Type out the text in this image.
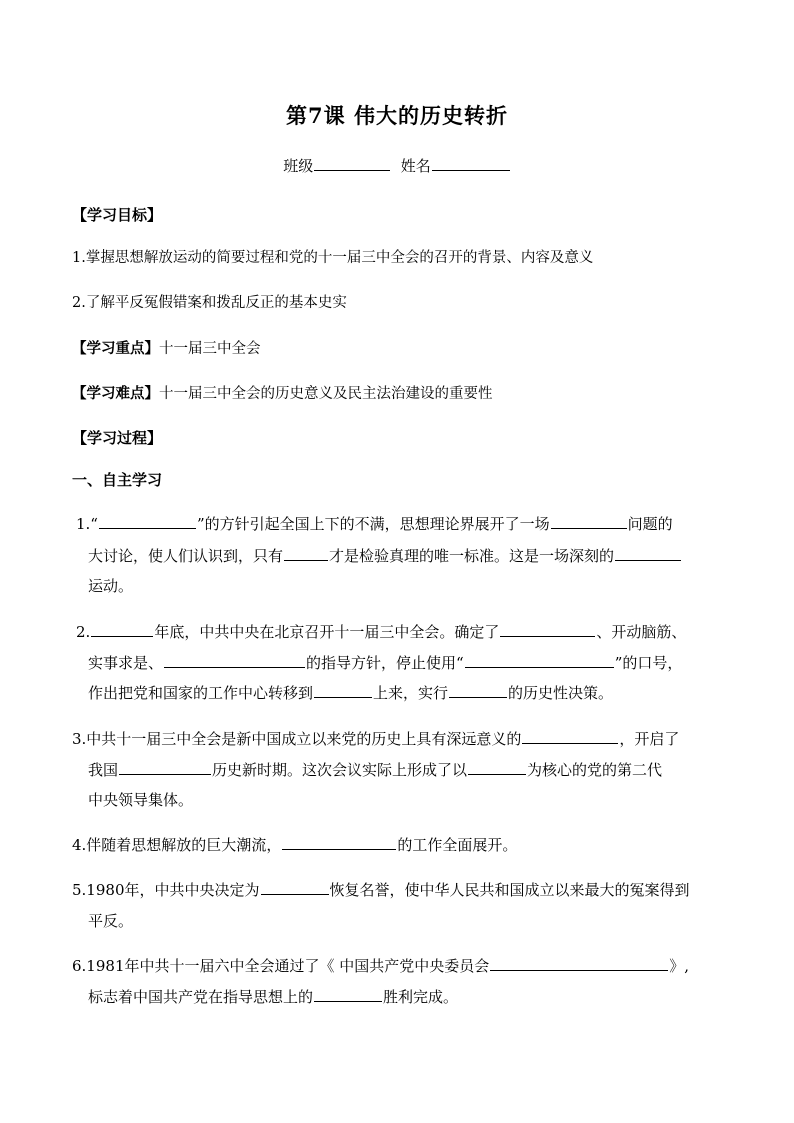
第7课 伟大的历史转折
班级	姓名
【学习目标】
1.掌握思想解放运动的简要过程和党的十一届三中全会的召开的背景、内容及意义
2.了解平反冤假错案和拨乱反正的基本史实
【学习重点】十一届三中全会
【学习难点】十一届三中全会的历史意义及民主法治建设的重要性
【学习过程】
一、自主学习
1.“	”的方针引起全国上下的不满，思想理论界展开了一场	问题的
大讨论，使人们认识到，只有	才是检验真理的唯一标准。这是一场深刻的
运动。
2.	年底，中共中央在北京召开十一届三中全会。确定了	、开动脑筋、
实事求是、	的指导方针，停止使用“	”的口号，
作出把党和国家的工作中心转移到	上来，实行	的历史性决策。
3.中共十一届三中全会是新中国成立以来党的历史上具有深远意义的	，开启了
我国	历史新时期。这次会议实际上形成了以	为核心的党的第二代
中央领导集体。
4.伴随着思想解放的巨大潮流，	的工作全面展开。
5.1980年，中共中央决定为	恢复名誉，使中华人民共和国成立以来最大的冤案得到
平反。
6.1981年中共十一届六中全会通过了《 中国共产党中央委员会	》,
标志着中国共产党在指导思想上的	胜利完成。
